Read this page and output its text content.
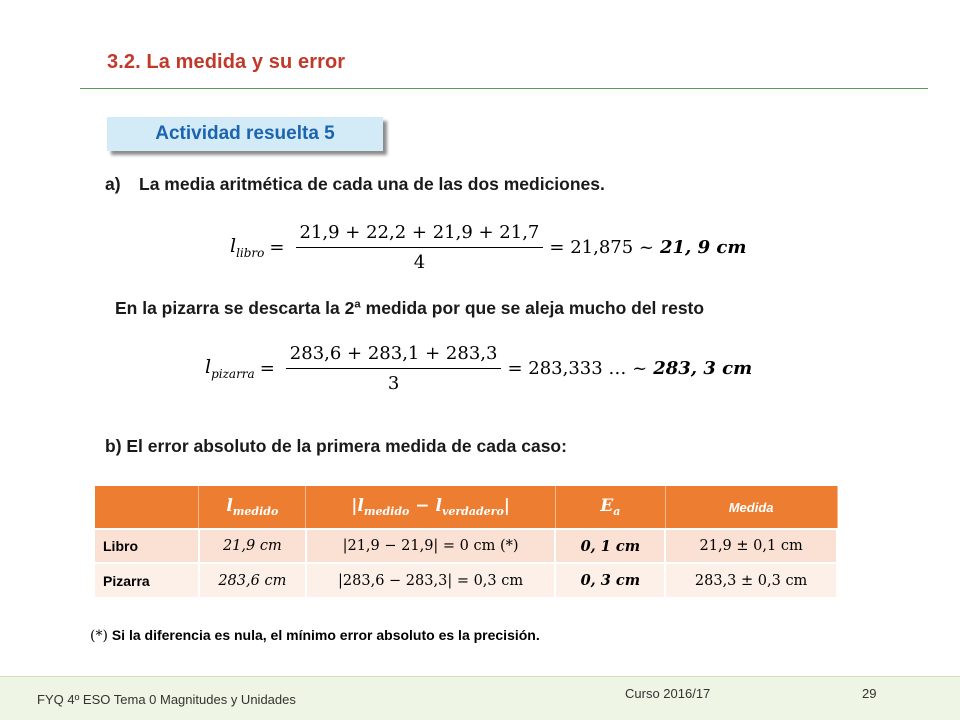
3.2. La medida y su error
Actividad resuelta 5
a) La media aritmética de cada una de las dos mediciones.
$l_{libro} = \frac{21,9 + 22,2 + 21,9 + 21,7}{4} = 21,875$ ~ 21, 9 cm
En la pizarra se descarta la 2ª medida por que se aleja mucho del resto
$l_{pizarra} = \frac{283,6 + 283,1 + 283,3}{3} = 283,333$ … ~ 283, 3 cm
b) El error absoluto de la primera medida de cada caso:
	$l_{medido}$	$|l_{medido} - l_{verdadero}|$	$E_a$	Medida
Libro	21,9 cm	|21,9 − 21,9| = 0 cm (*)	0, 1 cm	21,9 ± 0,1 cm
Pizarra	283,6 cm	|283,6 − 283,3| = 0,3 cm	0, 3 cm	283,3 ± 0,3 cm
(*) Si la diferencia es nula, el mínimo error absoluto es la precisión.
FYQ 4º ESO Tema 0 Magnitudes y Unidades	Curso 2016/17	29
